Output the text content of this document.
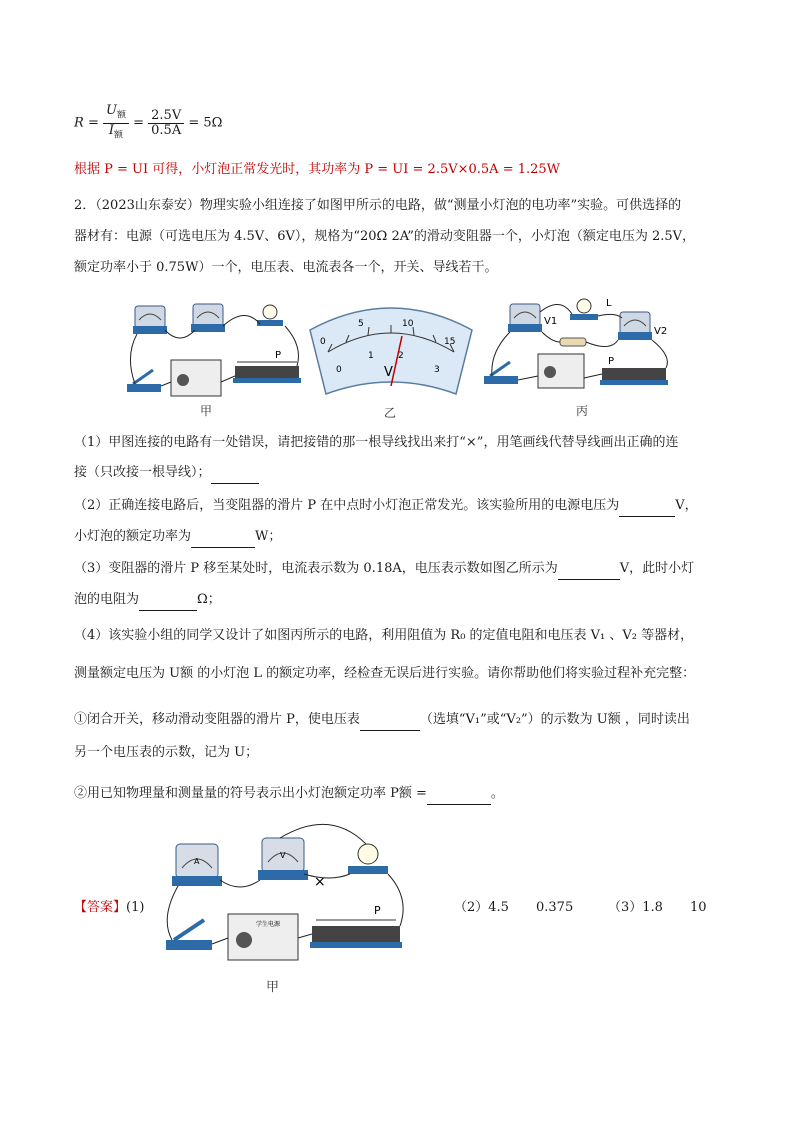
$R = \frac{U_额}{I_额} = \frac{2.5V}{0.5A} = 5\Omega$
根据 P = UI 可得，小灯泡正常发光时，其功率为 P = UI = 2.5V×0.5A = 1.25W
2．（2023山东泰安）物理实验小组连接了如图甲所示的电路，做“测量小灯泡的电功率”实验。可供选择的
器材有：电源（可选电压为 4.5V、6V），规格为“20Ω 2A”的滑动变阻器一个，小灯泡（额定电压为 2.5V，
额定功率小于 0.75W）一个，电压表、电流表各一个，开关、导线若干。
P
甲
0
5	10
15
0
1	2
3
V
乙
V1
L
V2
P
丙
（1）甲图连接的电路有一处错误，请把接错的那一根导线找出来打“×”，用笔画线代替导线画出正确的连
接（只改接一根导线）；
（2）正确连接电路后，当变阻器的滑片 P 在中点时小灯泡正常发光。该实验所用的电源电压为	V，
小灯泡的额定功率为	W；
（3）变阻器的滑片 P 移至某处时，电流表示数为 0.18A，电压表示数如图乙所示为	V，此时小灯
泡的电阻为	Ω；
（4）该实验小组的同学又设计了如图丙所示的电路，利用阻值为 R₀ 的定值电阻和电压表 V₁ 、V₂ 等器材，
测量额定电压为 U额 的小灯泡 L 的额定功率，经检查无误后进行实验。请你帮助他们将实验过程补充完整：
①闭合开关，移动滑动变阻器的滑片 P，使电压表	（选填“V₁”或“V₂”）的示数为 U额 ，同时读出
另一个电压表的示数，记为 U；
②用已知物理量和测量量的符号表示出小灯泡额定功率 P额 =	。
【答案】(1)
A
V
学生电源
P
×
甲
（2）4.5 0.375	（3）1.8 10
